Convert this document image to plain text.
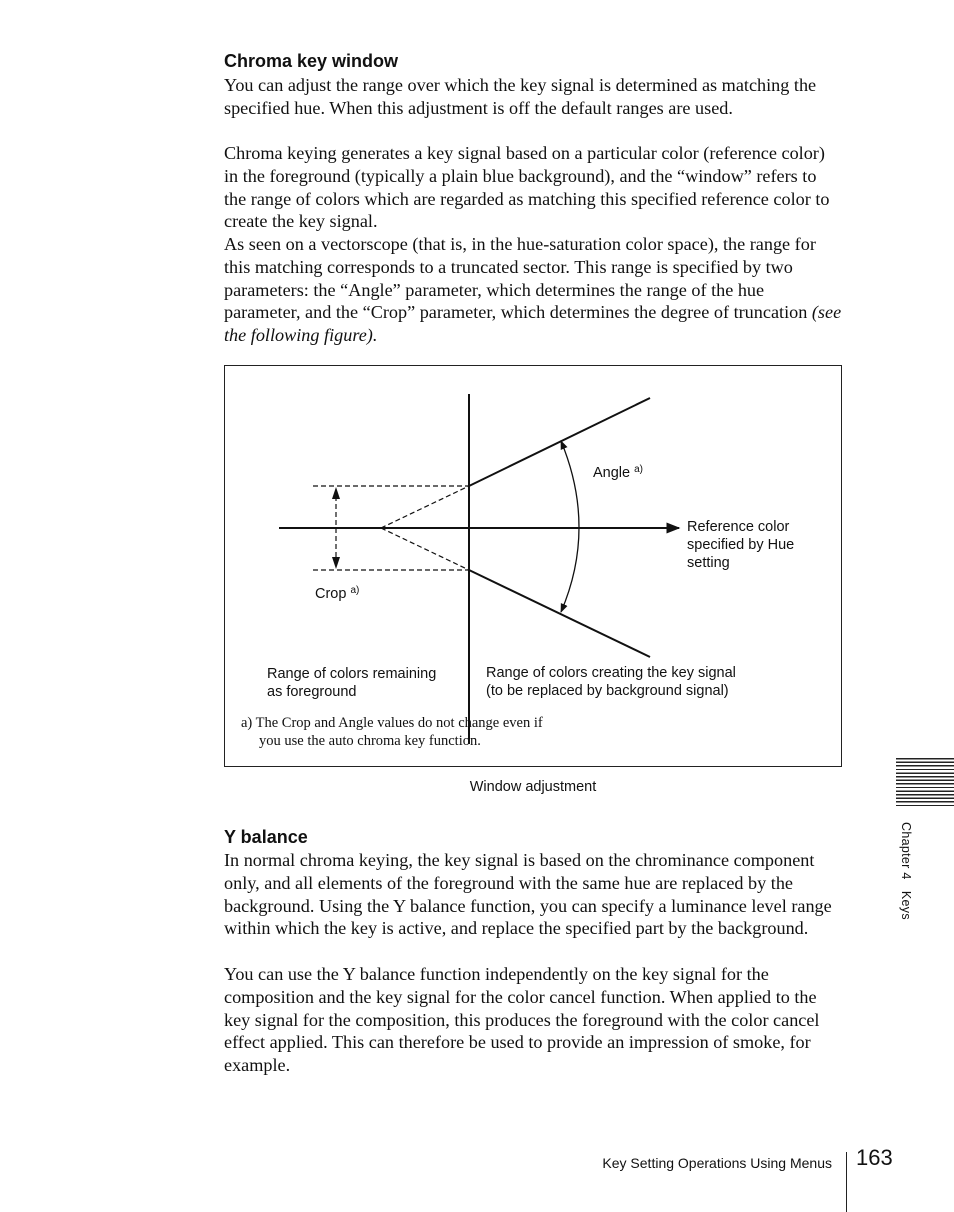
Chroma key window

You can adjust the range over which the key signal is determined as matching the specified hue. When this adjustment is off the default ranges are used.

Chroma keying generates a key signal based on a particular color (reference color) in the foreground (typically a plain blue background), and the “window” refers to the range of colors which are regarded as matching this specified reference color to create the key signal.

As seen on a vectorscope (that is, in the hue-saturation color space), the range for this matching corresponds to a truncated sector. This range is specified by two parameters: the “Angle” parameter, which determines the range of the hue parameter, and the “Crop” parameter, which determines the degree of truncation (see the following figure).

Angle $^{a)}$

Crop $^{a)}$

Reference color
specified by Hue
setting

Range of colors remaining
as foreground

Range of colors creating the key signal
(to be replaced by background signal)

a) The Crop and Angle values do not change even if
you use the auto chroma key function.

Window adjustment

Y balance

In normal chroma keying, the key signal is based on the chrominance component only, and all elements of the foreground with the same hue are replaced by the background. Using the Y balance function, you can specify a luminance level range within which the key is active, and replace the specified part by the background.

You can use the Y balance function independently on the key signal for the composition and the key signal for the color cancel function. When applied to the key signal for the composition, this produces the foreground with the color cancel effect applied. This can therefore be used to provide an impression of smoke, for example.

Chapter 4   Keys
Key Setting Operations Using Menus 163
